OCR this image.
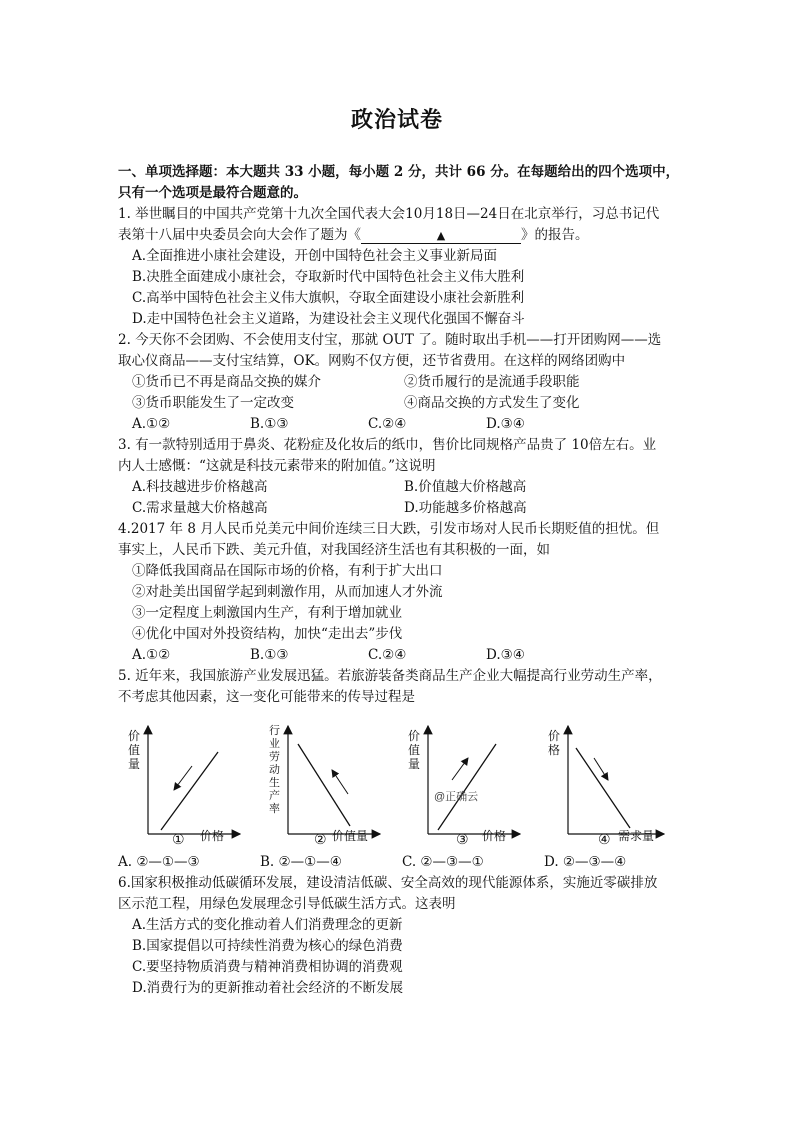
政治试卷
一、单项选择题：本大题共 33 小题，每小题 2 分，共计 66 分。在每题给出的四个选项中，
只有一个选项是最符合题意的。
1. 举世瞩目的中国共产党第十九次全国代表大会10月18日—24日在北京举行，习总书记代
表第十八届中央委员会向大会作了题为《	▲	》的报告。
A.全面推进小康社会建设，开创中国特色社会主义事业新局面
B.决胜全面建成小康社会，夺取新时代中国特色社会主义伟大胜利
C.高举中国特色社会主义伟大旗帜，夺取全面建设小康社会新胜利
D.走中国特色社会主义道路，为建设社会主义现代化强国不懈奋斗
2. 今天你不会团购、不会使用支付宝，那就 OUT 了。随时取出手机——打开团购网——选
取心仪商品——支付宝结算，OK。网购不仅方便，还节省费用。在这样的网络团购中
①货币已不再是商品交换的媒介	②货币履行的是流通手段职能
③货币职能发生了一定改变	④商品交换的方式发生了变化
A.①②	B.①③	C.②④	D.③④
3. 有一款特别适用于鼻炎、花粉症及化妆后的纸巾，售价比同规格产品贵了 10倍左右。业
内人士感慨：“这就是科技元素带来的附加值。”这说明
A.科技越进步价格越高	B.价值越大价格越高
C.需求量越大价格越高	D.功能越多价格越高
4.2017 年 8 月人民币兑美元中间价连续三日大跌，引发市场对人民币长期贬值的担忧。但
事实上，人民币下跌、美元升值，对我国经济生活也有其积极的一面，如
①降低我国商品在国际市场的价格，有利于扩大出口
②对赴美出国留学起到刺激作用，从而加速人才外流
③一定程度上刺激国内生产，有利于增加就业
④优化中国对外投资结构，加快“走出去”步伐
A.①②	B.①③	C.②④	D.③④
5. 近年来，我国旅游产业发展迅猛。若旅游装备类商品生产企业大幅提高行业劳动生产率，
不考虑其他因素，这一变化可能带来的传导过程是
价
值
量
行
业
劳
动
生
产
率
价
值
量
@正确云
价
格
价格	价值量	价格	需求量
①	②	③	④
A. ②—①—③	B. ②—①—④	C. ②—③—①	D. ②—③—④
6.国家积极推动低碳循环发展，建设清洁低碳、安全高效的现代能源体系，实施近零碳排放
区示范工程，用绿色发展理念引导低碳生活方式。这表明
A.生活方式的变化推动着人们消费理念的更新
B.国家提倡以可持续性消费为核心的绿色消费
C.要坚持物质消费与精神消费相协调的消费观
D.消费行为的更新推动着社会经济的不断发展
